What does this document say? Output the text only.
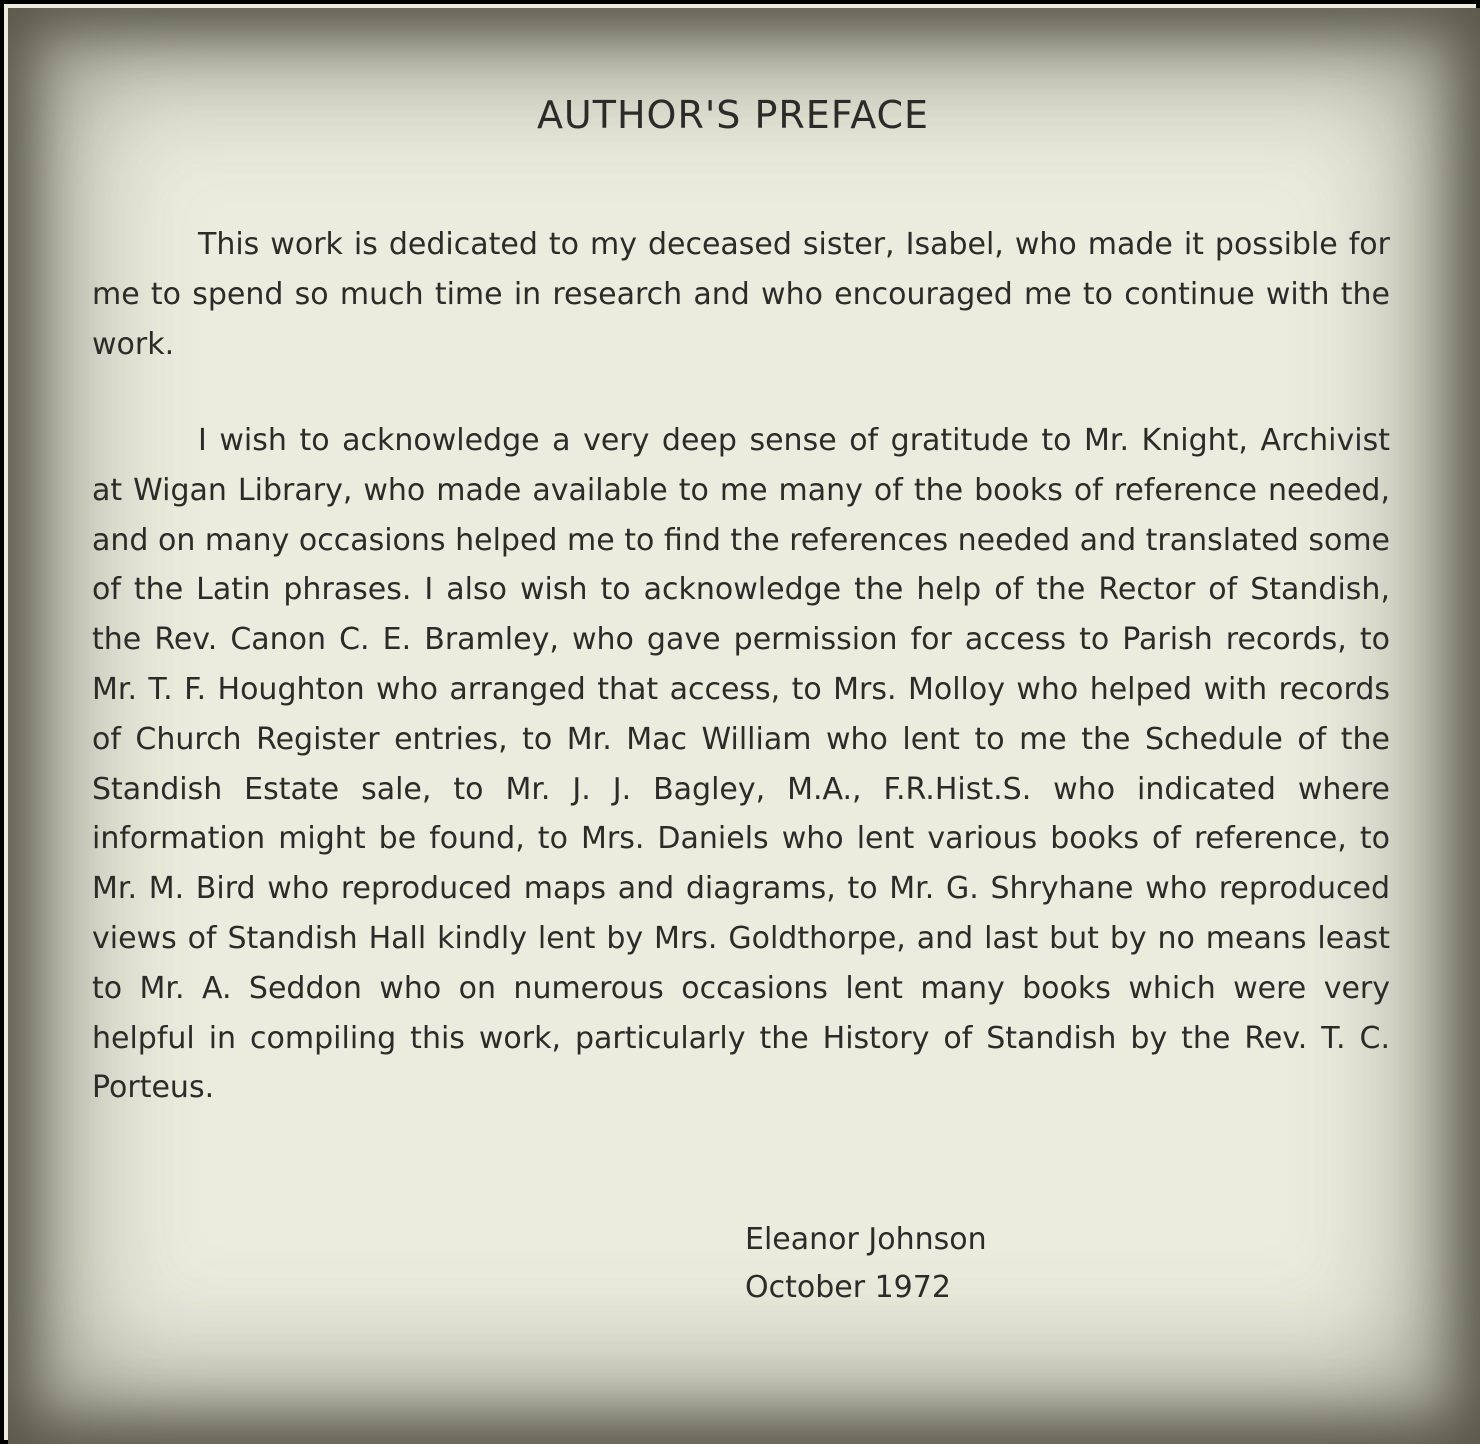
AUTHOR'S PREFACE

This work is dedicated to my deceased sister, Isabel, who made it possible for me to spend so much time in research and who encouraged me to continue with the work.

I wish to acknowledge a very deep sense of gratitude to Mr. Knight, Archivist at Wigan Library, who made available to me many of the books of reference needed, and on many occasions helped me to find the references needed and translated some of the Latin phrases. I also wish to acknowledge the help of the Rector of Standish, the Rev. Canon C. E. Bramley, who gave permission for access to Parish records, to Mr. T. F. Houghton who arranged that access, to Mrs. Molloy who helped with records of Church Register entries, to Mr. Mac William who lent to me the Schedule of the Standish Estate sale, to Mr. J. J. Bagley, M.A., F.R.Hist.S. who indicated where information might be found, to Mrs. Daniels who lent various books of reference, to Mr. M. Bird who reproduced maps and diagrams, to Mr. G. Shryhane who reproduced views of Standish Hall kindly lent by Mrs. Goldthorpe, and last but by no means least to Mr. A. Seddon who on numerous occasions lent many books which were very helpful in compiling this work, particularly the History of Standish by the Rev. T. C. Porteus.

Eleanor Johnson
October 1972
